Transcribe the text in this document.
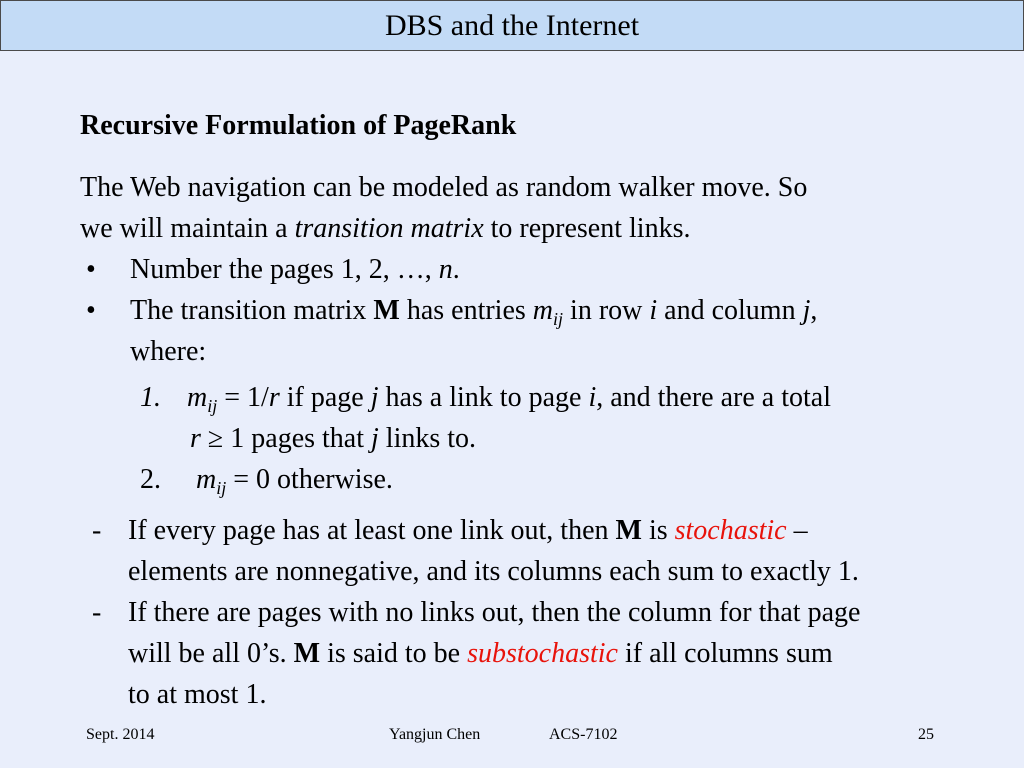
DBS and the Internet
Recursive Formulation of PageRank
The Web navigation can be modeled as random walker move. So
we will maintain a transition matrix to represent links.
• Number the pages 1, 2, …, n.
• The transition matrix M has entries $m_{ij}$ in row i and column j,
where:
1. $m_{ij} = 1/r$ if page j has a link to page i, and there are a total
r ≥ 1 pages that j links to.
2. $m_{ij} = 0$ otherwise.
- If every page has at least one link out, then M is stochastic –
elements are nonnegative, and its columns each sum to exactly 1.
- If there are pages with no links out, then the column for that page
will be all 0’s. M is said to be substochastic if all columns sum
to at most 1.
Sept. 2014	Yangjun Chen	ACS-7102	25
